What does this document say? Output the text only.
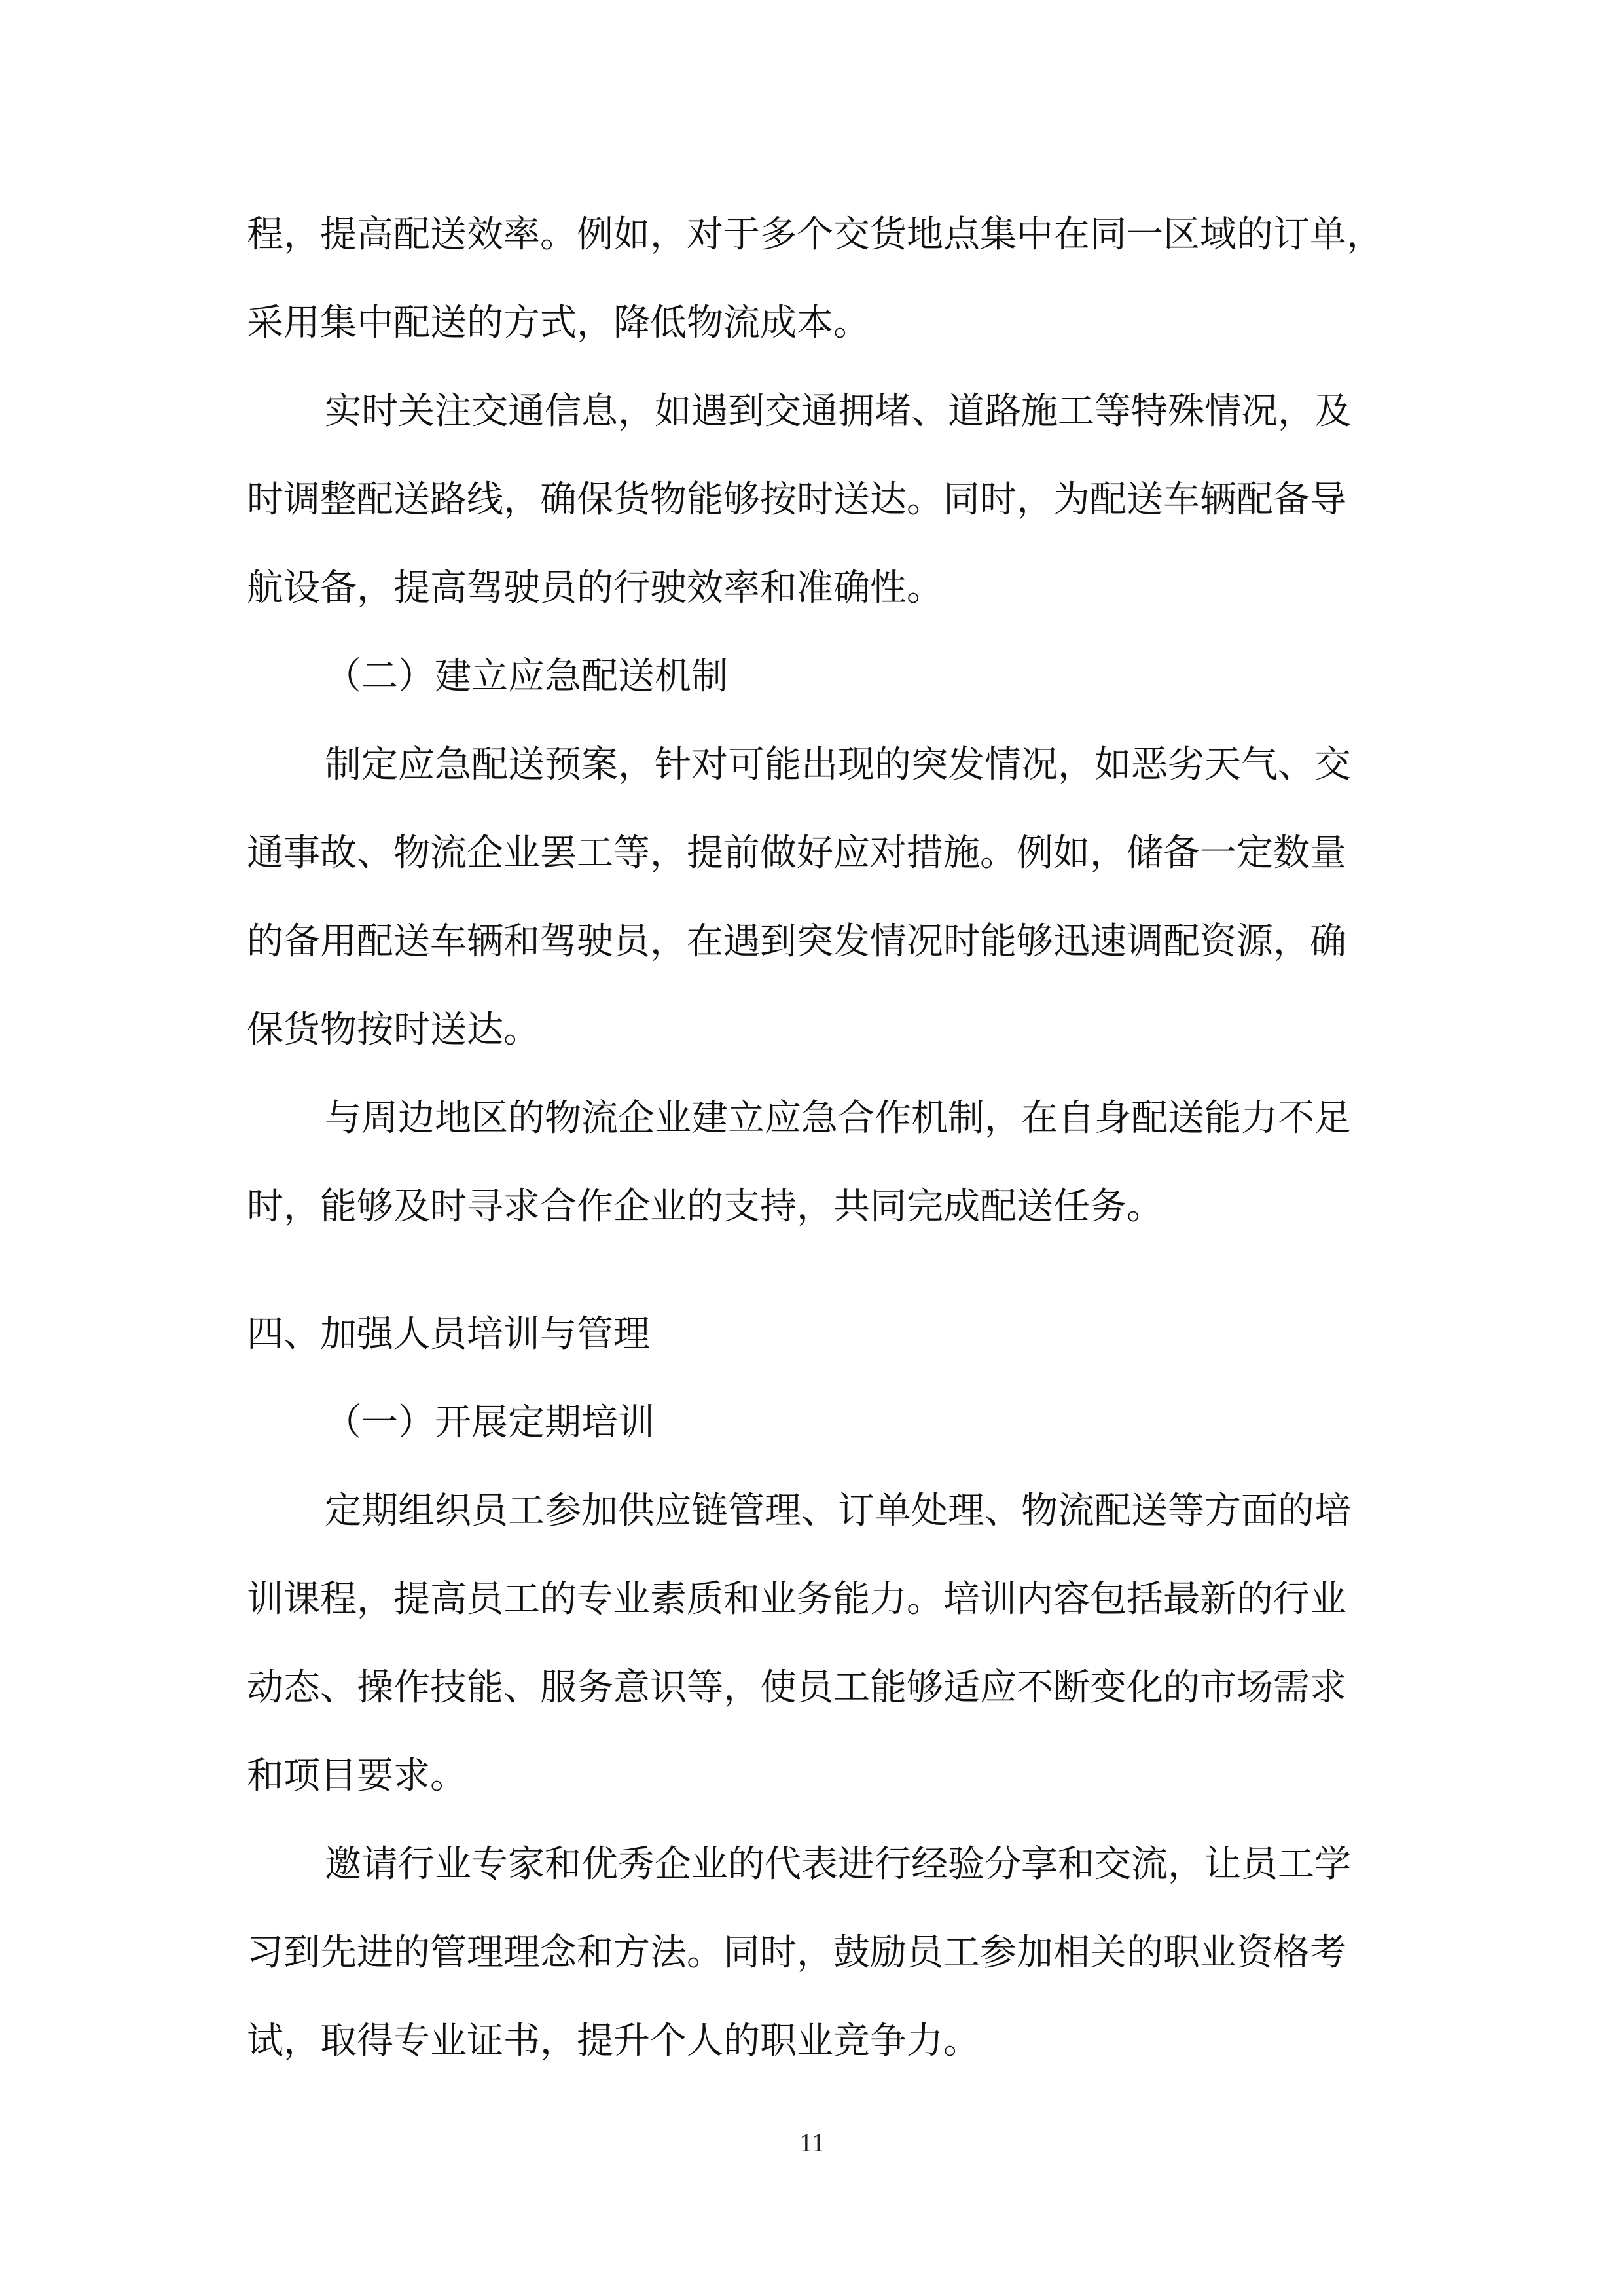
程，提高配送效率。例如，对于多个交货地点集中在同一区域的订单，
采用集中配送的方式，降低物流成本。
实时关注交通信息，如遇到交通拥堵、道路施工等特殊情况，及
时调整配送路线，确保货物能够按时送达。同时，为配送车辆配备导
航设备，提高驾驶员的行驶效率和准确性。
（二）建立应急配送机制
制定应急配送预案，针对可能出现的突发情况，如恶劣天气、交
通事故、物流企业罢工等，提前做好应对措施。例如，储备一定数量
的备用配送车辆和驾驶员，在遇到突发情况时能够迅速调配资源，确
保货物按时送达。
与周边地区的物流企业建立应急合作机制，在自身配送能力不足
时，能够及时寻求合作企业的支持，共同完成配送任务。
四、加强人员培训与管理
（一）开展定期培训
定期组织员工参加供应链管理、订单处理、物流配送等方面的培
训课程，提高员工的专业素质和业务能力。培训内容包括最新的行业
动态、操作技能、服务意识等，使员工能够适应不断变化的市场需求
和项目要求。
邀请行业专家和优秀企业的代表进行经验分享和交流，让员工学
习到先进的管理理念和方法。同时，鼓励员工参加相关的职业资格考
试，取得专业证书，提升个人的职业竞争力。
11
